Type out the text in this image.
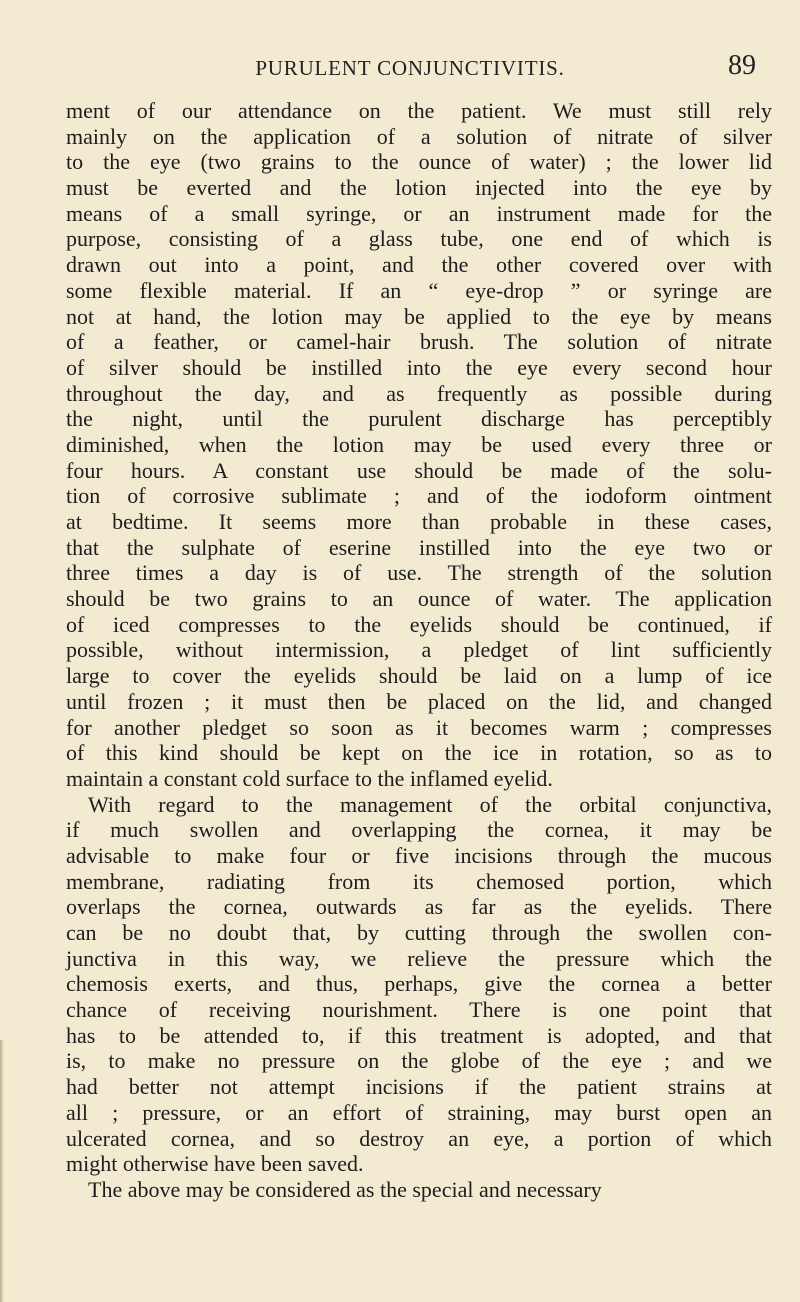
PURULENT CONJUNCTIVITIS.	89
ment of our attendance on the patient. We must still rely
mainly on the application of a solution of nitrate of silver
to the eye (two grains to the ounce of water) ; the lower lid
must be everted and the lotion injected into the eye by
means of a small syringe, or an instrument made for the
purpose, consisting of a glass tube, one end of which is
drawn out into a point, and the other covered over with
some flexible material. If an “ eye-drop ” or syringe are
not at hand, the lotion may be applied to the eye by means
of a feather, or camel-hair brush. The solution of nitrate
of silver should be instilled into the eye every second hour
throughout the day, and as frequently as possible during
the night, until the purulent discharge has perceptibly
diminished, when the lotion may be used every three or
four hours. A constant use should be made of the solu-
tion of corrosive sublimate ; and of the iodoform ointment
at bedtime. It seems more than probable in these cases,
that the sulphate of eserine instilled into the eye two or
three times a day is of use. The strength of the solution
should be two grains to an ounce of water. The application
of iced compresses to the eyelids should be continued, if
possible, without intermission, a pledget of lint sufficiently
large to cover the eyelids should be laid on a lump of ice
until frozen ; it must then be placed on the lid, and changed
for another pledget so soon as it becomes warm ; compresses
of this kind should be kept on the ice in rotation, so as to
maintain a constant cold surface to the inflamed eyelid.
With regard to the management of the orbital conjunctiva,
if much swollen and overlapping the cornea, it may be
advisable to make four or five incisions through the mucous
membrane, radiating from its chemosed portion, which
overlaps the cornea, outwards as far as the eyelids. There
can be no doubt that, by cutting through the swollen con-
junctiva in this way, we relieve the pressure which the
chemosis exerts, and thus, perhaps, give the cornea a better
chance of receiving nourishment. There is one point that
has to be attended to, if this treatment is adopted, and that
is, to make no pressure on the globe of the eye ; and we
had better not attempt incisions if the patient strains at
all ; pressure, or an effort of straining, may burst open an
ulcerated cornea, and so destroy an eye, a portion of which
might otherwise have been saved.
The above may be considered as the special and necessary
